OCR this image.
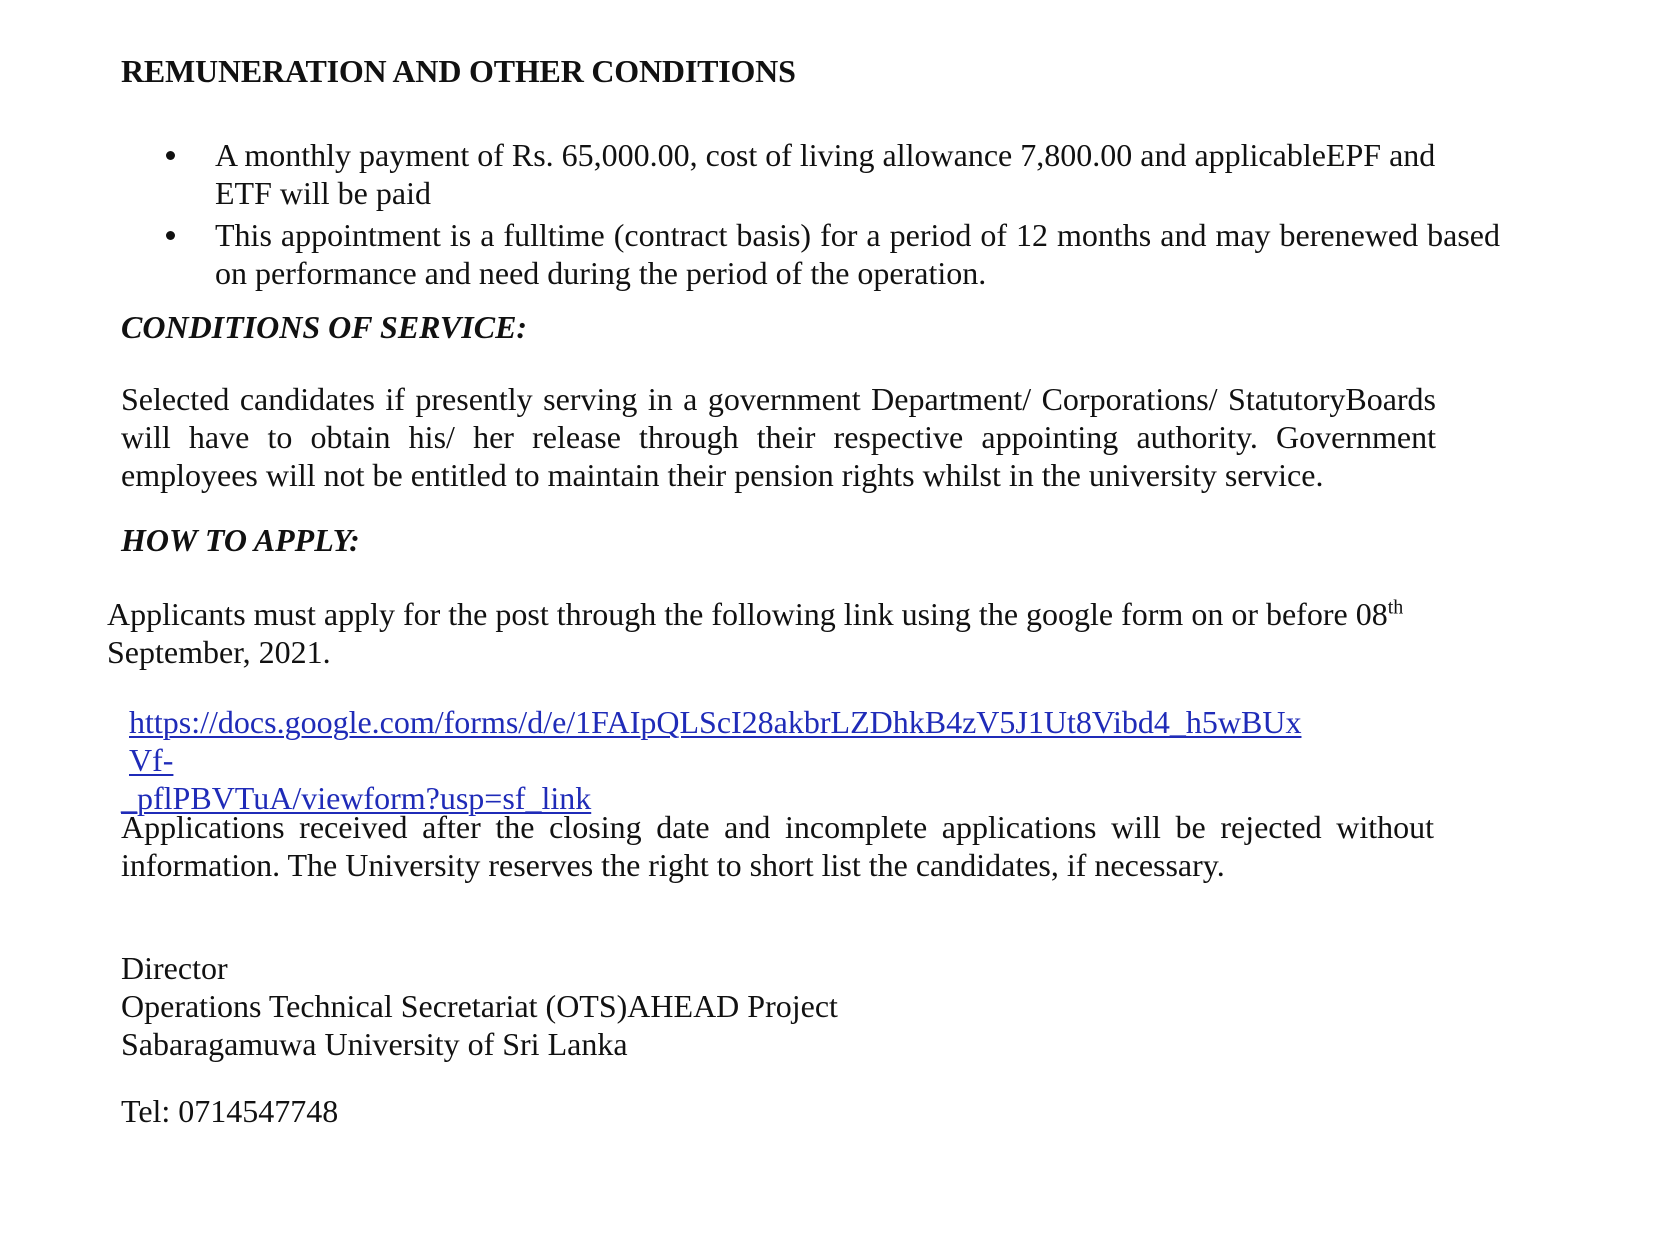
REMUNERATION AND OTHER CONDITIONS
A monthly payment of Rs. 65,000.00, cost of living allowance 7,800.00 and applicableEPF and ETF will be paid
This appointment is a fulltime (contract basis) for a period of 12 months and may berenewed based on performance and need during the period of the operation.
CONDITIONS OF SERVICE:

Selected candidates if presently serving in a government Department/ Corporations/ StatutoryBoards will have to obtain his/ her release through their respective appointing authority. Government employees will not be entitled to maintain their pension rights whilst in the university service.

HOW TO APPLY:

Applicants must apply for the post through the following link using the google form on or before 08th
September, 2021.

https://docs.google.com/forms/d/e/1FAIpQLScI28akbrLZDhkB4zV5J1Ut8Vibd4_h5wBUxVf-
_pflPBVTuA/viewform?usp=sf_link

Applications received after the closing date and incomplete applications will be rejected without information. The University reserves the right to short list the candidates, if necessary.

Director
Operations Technical Secretariat (OTS)AHEAD Project
Sabaragamuwa University of Sri Lanka

Tel: 0714547748
